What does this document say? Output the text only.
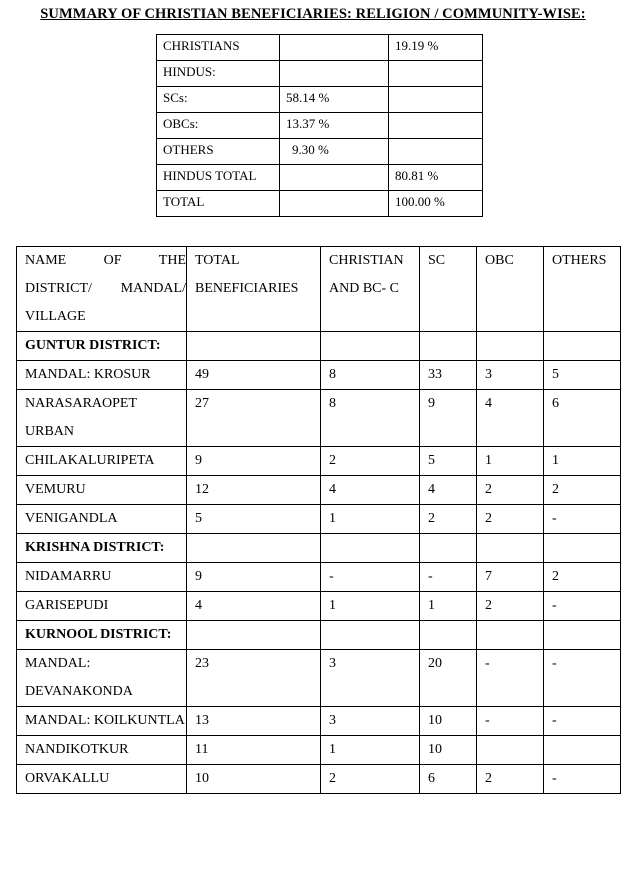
SUMMARY OF CHRISTIAN BENEFICIARIES: RELIGION / COMMUNITY-WISE:
CHRISTIANS		19.19 %
HINDUS:		
SCs:	58.14 %	
OBCs:	13.37 %	
OTHERS	9.30 %	
HINDUS TOTAL		80.81 %
TOTAL		100.00 %
NAME OF THE DISTRICT/ MANDAL/ VILLAGE	TOTAL BENEFICIARIES	CHRISTIAN AND BC- C	SC	OBC	OTHERS
GUNTUR DISTRICT:					
MANDAL: KROSUR	49	8	33	3	5
NARASARAOPET URBAN	27	8	9	4	6
CHILAKALURIPETA	9	2	5	1	1
VEMURU	12	4	4	2	2
VENIGANDLA	5	1	2	2	-
KRISHNA DISTRICT:					
NIDAMARRU	9	-	-	7	2
GARISEPUDI	4	1	1	2	-
KURNOOL DISTRICT:					
MANDAL: DEVANAKONDA	23	3	20	-	-
MANDAL: KOILKUNTLA	13	3	10	-	-
NANDIKOTKUR	11	1	10		
ORVAKALLU	10	2	6	2	-
